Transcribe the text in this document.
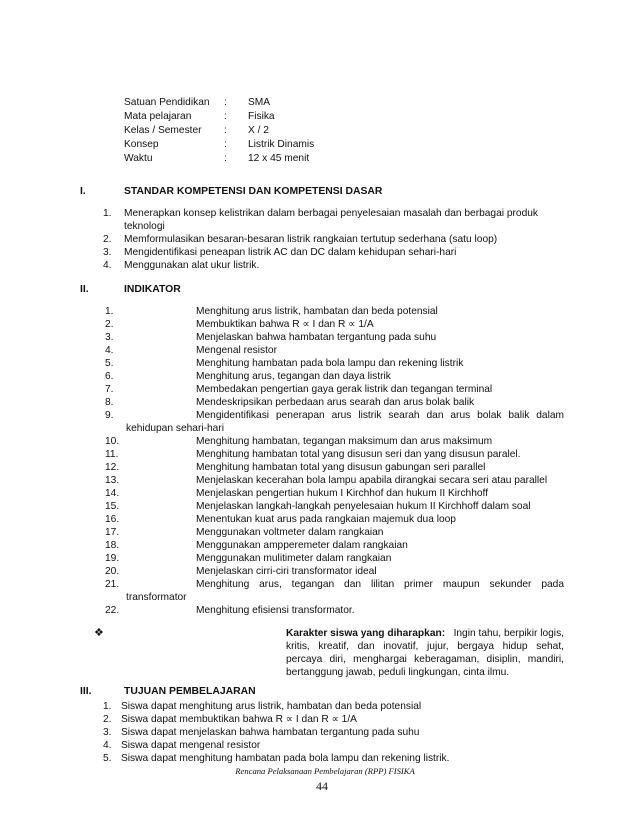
Satuan Pendidikan : SMA
Mata pelajaran	: Fisika
Kelas / Semester : X / 2
Konsep	: Listrik Dinamis
Waktu	: 12 x 45 menit
I.	STANDAR KOMPETENSI DAN KOMPETENSI DASAR
1. Menerapkan konsep kelistrikan dalam berbagai penyelesaian masalah dan berbagai produk
teknologi
2. Memformulasikan besaran-besaran listrik rangkaian tertutup sederhana (satu loop)
3. Mengidentifikasi peneapan listrik AC dan DC dalam kehidupan sehari-hari
4. Menggunakan alat ukur listrik.
II.	INDIKATOR
1.	Menghitung arus listrik, hambatan dan beda potensial
2.	Membuktikan bahwa R ∝ I dan R ∝ 1/A
3.	Menjelaskan bahwa hambatan tergantung pada suhu
4.	Mengenal resistor
5.	Menghitung hambatan pada bola lampu dan rekening listrik
6.	Menghitung arus, tegangan dan daya listrik
7.	Membedakan pengertian gaya gerak listrik dan tegangan terminal
8.	Mendeskripsikan perbedaan arus searah dan arus bolak balik
9.	Mengidentifikasi penerapan arus listrik searah dan arus bolak balik dalam
kehidupan sehari-hari
10.	Menghitung hambatan, tegangan maksimum dan arus maksimum
11.	Menghitung hambatan total yang disusun seri dan yang disusun paralel.
12.	Menghitung hambatan total yang disusun gabungan seri parallel
13.	Menjelaskan kecerahan bola lampu apabila dirangkai secara seri atau parallel
14.	Menjelaskan pengertian hukum I Kirchhof dan hukum II Kirchhoff
15.	Menjelaskan langkah-langkah penyelesaian hukum II Kirchhoff dalam soal
16.	Menentukan kuat arus pada rangkaian majemuk dua loop
17.	Menggunakan voltmeter dalam rangkaian
18.	Menggunakan ampperemeter dalam rangkaian
19.	Menggunakan mulitimeter dalam rangkaian
20.	Menjelaskan cirri-ciri transformator ideal
21.	Menghitung arus, tegangan dan lilitan primer maupun sekunder pada
transformator
22.	Menghitung efisiensi transformator.
❖	Karakter siswa yang diharapkan: Ingin tahu, berpikir logis,
kritis, kreatif, dan inovatif, jujur, bergaya hidup sehat,
percaya diri, menghargai keberagaman, disiplin, mandiri,
bertanggung jawab, peduli lingkungan, cinta ilmu.
III.	TUJUAN PEMBELAJARAN
1. Siswa dapat menghitung arus listrik, hambatan dan beda potensial
2. Siswa dapat membuktikan bahwa R ∝ I dan R ∝ 1/A
3. Siswa dapat menjelaskan bahwa hambatan tergantung pada suhu
4. Siswa dapat mengenal resistor
5. Siswa dapat menghitung hambatan pada bola lampu dan rekening listrik.
Rencana Pelaksanaan Pembelajaran (RPP) FISIKA
44
